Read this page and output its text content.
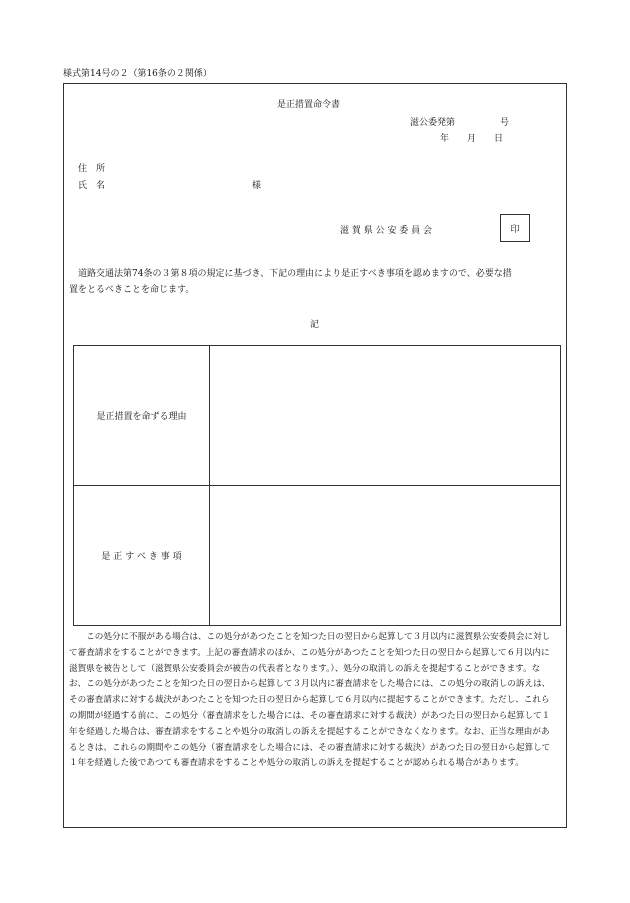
様式第14号の２（第16条の２関係）
是正措置命令書
滋公委発第　　　　　号
年　　月　　日
住　所
氏　名	様
滋 賀 県 公 安 委 員 会	印
道路交通法第74条の３第８項の規定に基づき、下記の理由により是正すべき事項を認めますので、必要な措
置をとるべきことを命じます。
記
是正措置を命ずる理由	
是 正 す べ き 事 項	
この処分に不服がある場合は、この処分があつたことを知つた日の翌日から起算して３月以内に滋賀県公安委員会に対して審査請求をすることができます。上記の審査請求のほか、この処分があつたことを知つた日の翌日から起算して６月以内に滋賀県を被告として（滋賀県公安委員会が被告の代表者となります。）、処分の取消しの訴えを提起することができます。なお、この処分があつたことを知つた日の翌日から起算して３月以内に審査請求をした場合には、この処分の取消しの訴えは、その審査請求に対する裁決があつたことを知つた日の翌日から起算して６月以内に提起することができます。ただし、これらの期間が経過する前に、この処分（審査請求をした場合には、その審査請求に対する裁決）があつた日の翌日から起算して１年を経過した場合は、審査請求をすることや処分の取消しの訴えを提起することができなくなります。なお、正当な理由があるときは、これらの期間やこの処分（審査請求をした場合には、その審査請求に対する裁決）があつた日の翌日から起算して１年を経過した後であつても審査請求をすることや処分の取消しの訴えを提起することが認められる場合があります。
